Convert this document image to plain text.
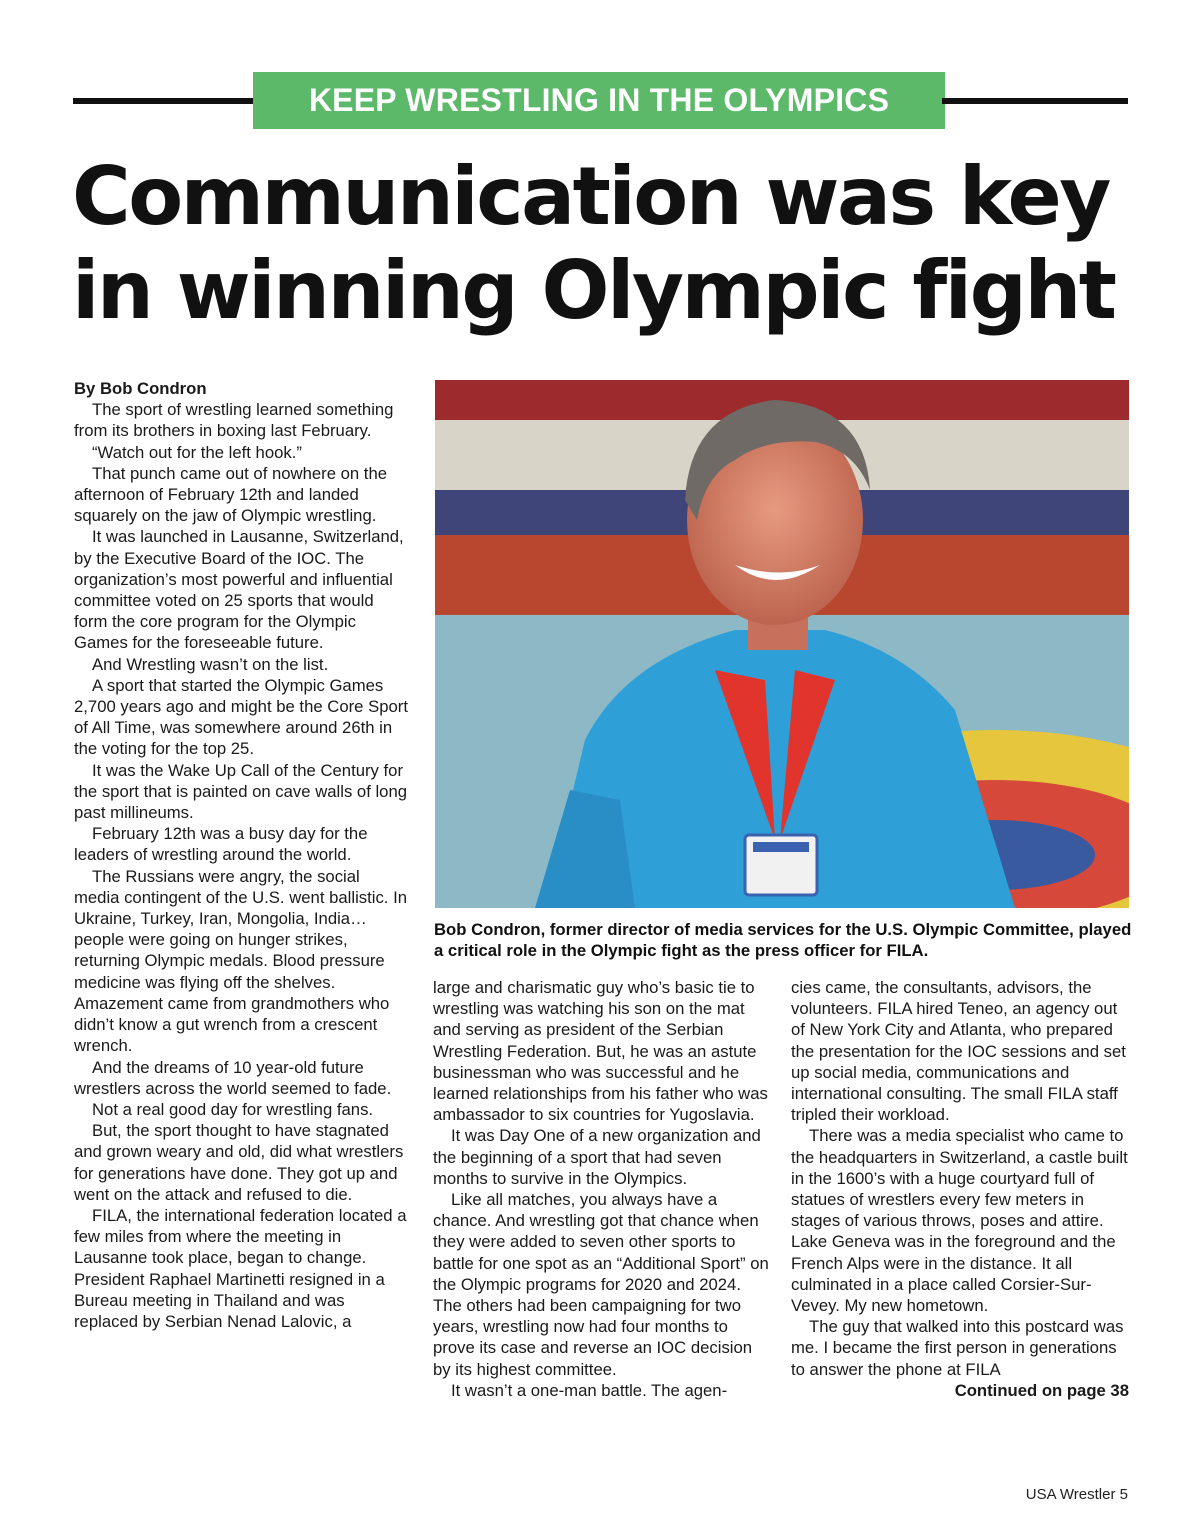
KEEP WRESTLING IN THE OLYMPICS
Communication was key
in winning Olympic fight

By Bob Condron

The sport of wrestling learned something from its brothers in boxing last February.

“Watch out for the left hook.”

That punch came out of nowhere on the afternoon of February 12th and landed squarely on the jaw of Olympic wrestling.

It was launched in Lausanne, Switzerland, by the Executive Board of the IOC. The organization’s most powerful and influential committee voted on 25 sports that would form the core program for the Olympic Games for the foreseeable future.

And Wrestling wasn’t on the list.

A sport that started the Olympic Games 2,700 years ago and might be the Core Sport of All Time, was somewhere around 26th in the voting for the top 25.

It was the Wake Up Call of the Century for the sport that is painted on cave walls of long past millineums.

February 12th was a busy day for the leaders of wrestling around the world.

The Russians were angry, the social media contingent of the U.S. went ballistic. In Ukraine, Turkey, Iran, Mongolia, India…people were going on hunger strikes, returning Olympic medals. Blood pressure medicine was flying off the shelves. Amazement came from grandmothers who didn’t know a gut wrench from a crescent wrench.

And the dreams of 10 year-old future wrestlers across the world seemed to fade.

Not a real good day for wrestling fans.

But, the sport thought to have stagnated and grown weary and old, did what wrestlers for generations have done. They got up and went on the attack and refused to die.

FILA, the international federation located a few miles from where the meeting in Lausanne took place, began to change. President Raphael Martinetti resigned in a Bureau meeting in Thailand and was replaced by Serbian Nenad Lalovic, a

Bob Condron, former director of media services for the U.S. Olympic Committee, played a critical role in the Olympic fight as the press officer for FILA.

large and charismatic guy who’s basic tie to wrestling was watching his son on the mat and serving as president of the Serbian Wrestling Federation. But, he was an astute businessman who was successful and he learned relationships from his father who was ambassador to six countries for Yugoslavia.

It was Day One of a new organization and the beginning of a sport that had seven months to survive in the Olympics.

Like all matches, you always have a chance. And wrestling got that chance when they were added to seven other sports to battle for one spot as an “Additional Sport” on the Olympic programs for 2020 and 2024. The others had been campaigning for two years, wrestling now had four months to prove its case and reverse an IOC decision by its highest committee.

It wasn’t a one-man battle. The agen-

cies came, the consultants, advisors, the volunteers. FILA hired Teneo, an agency out of New York City and Atlanta, who prepared the presentation for the IOC sessions and set up social media, communications and international consulting. The small FILA staff tripled their workload.

There was a media specialist who came to the headquarters in Switzerland, a castle built in the 1600’s with a huge courtyard full of statues of wrestlers every few meters in stages of various throws, poses and attire. Lake Geneva was in the foreground and the French Alps were in the distance. It all culminated in a place called Corsier-Sur-Vevey. My new hometown.

The guy that walked into this postcard was me. I became the first person in generations to answer the phone at FILA

Continued on page 38

USA Wrestler 5
